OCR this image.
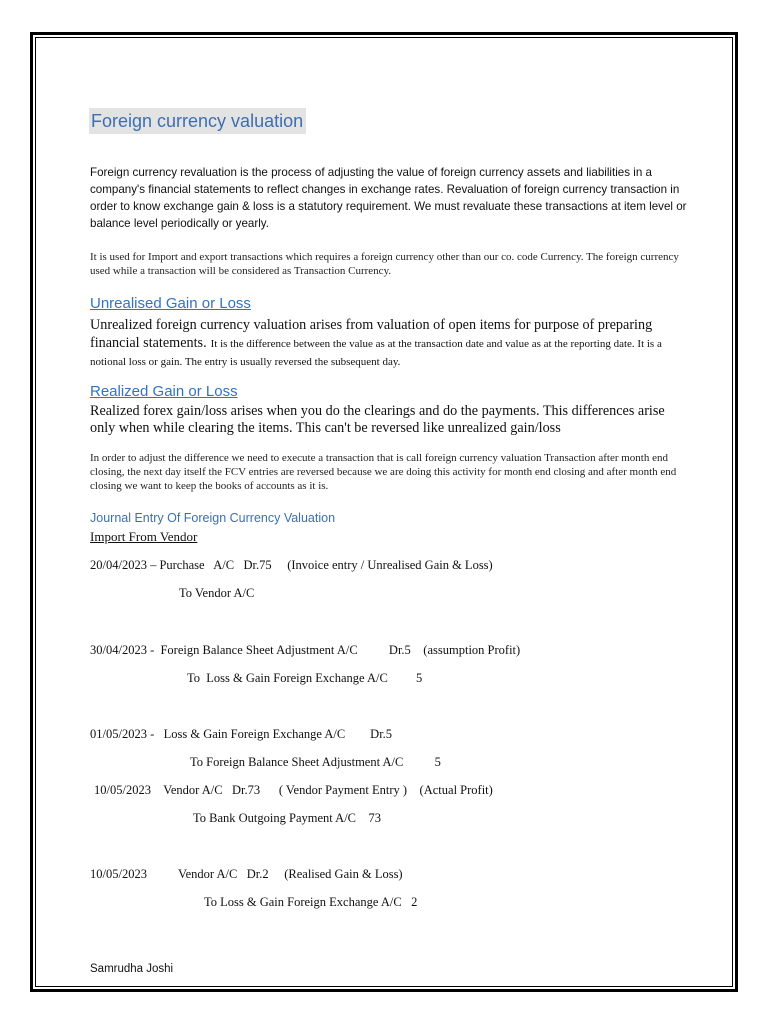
Foreign currency valuation
Foreign currency revaluation is the process of adjusting the value of foreign currency assets and liabilities in a company's financial statements to reflect changes in exchange rates. Revaluation of foreign currency transaction in order to know exchange gain & loss is a statutory requirement. We must revaluate these transactions at item level or balance level periodically or yearly.
It is used for Import and export transactions which requires a foreign currency other than our co. code Currency. The foreign currency used while a transaction will be considered as Transaction Currency.
Unrealised Gain or Loss
Unrealized foreign currency valuation arises from valuation of open items for purpose of preparing financial statements. It is the difference between the value as at the transaction date and value as at the reporting date. It is a notional loss or gain. The entry is usually reversed the subsequent day.
Realized Gain or Loss
Realized forex gain/loss arises when you do the clearings and do the payments. This differences arise only when while clearing the items. This can't be reversed like unrealized gain/loss
In order to adjust the difference we need to execute a transaction that is call foreign currency valuation Transaction after month end closing, the next day itself the FCV entries are reversed because we are doing this activity for month end closing and after month end closing we want to keep the books of accounts as it is.
Journal Entry Of Foreign Currency Valuation
Import From Vendor
20/04/2023 – Purchase   A/C   Dr.75     (Invoice entry / Unrealised Gain & Loss)
To Vendor A/C
30/04/2023 -  Foreign Balance Sheet Adjustment A/C          Dr.5    (assumption Profit)
To  Loss & Gain Foreign Exchange A/C         5
01/05/2023 -   Loss & Gain Foreign Exchange A/C        Dr.5
To Foreign Balance Sheet Adjustment A/C          5
10/05/2023    Vendor A/C   Dr.73      ( Vendor Payment Entry )    (Actual Profit)
To Bank Outgoing Payment A/C    73
10/05/2023          Vendor A/C   Dr.2     (Realised Gain & Loss)
To Loss & Gain Foreign Exchange A/C   2
Samrudha Joshi
